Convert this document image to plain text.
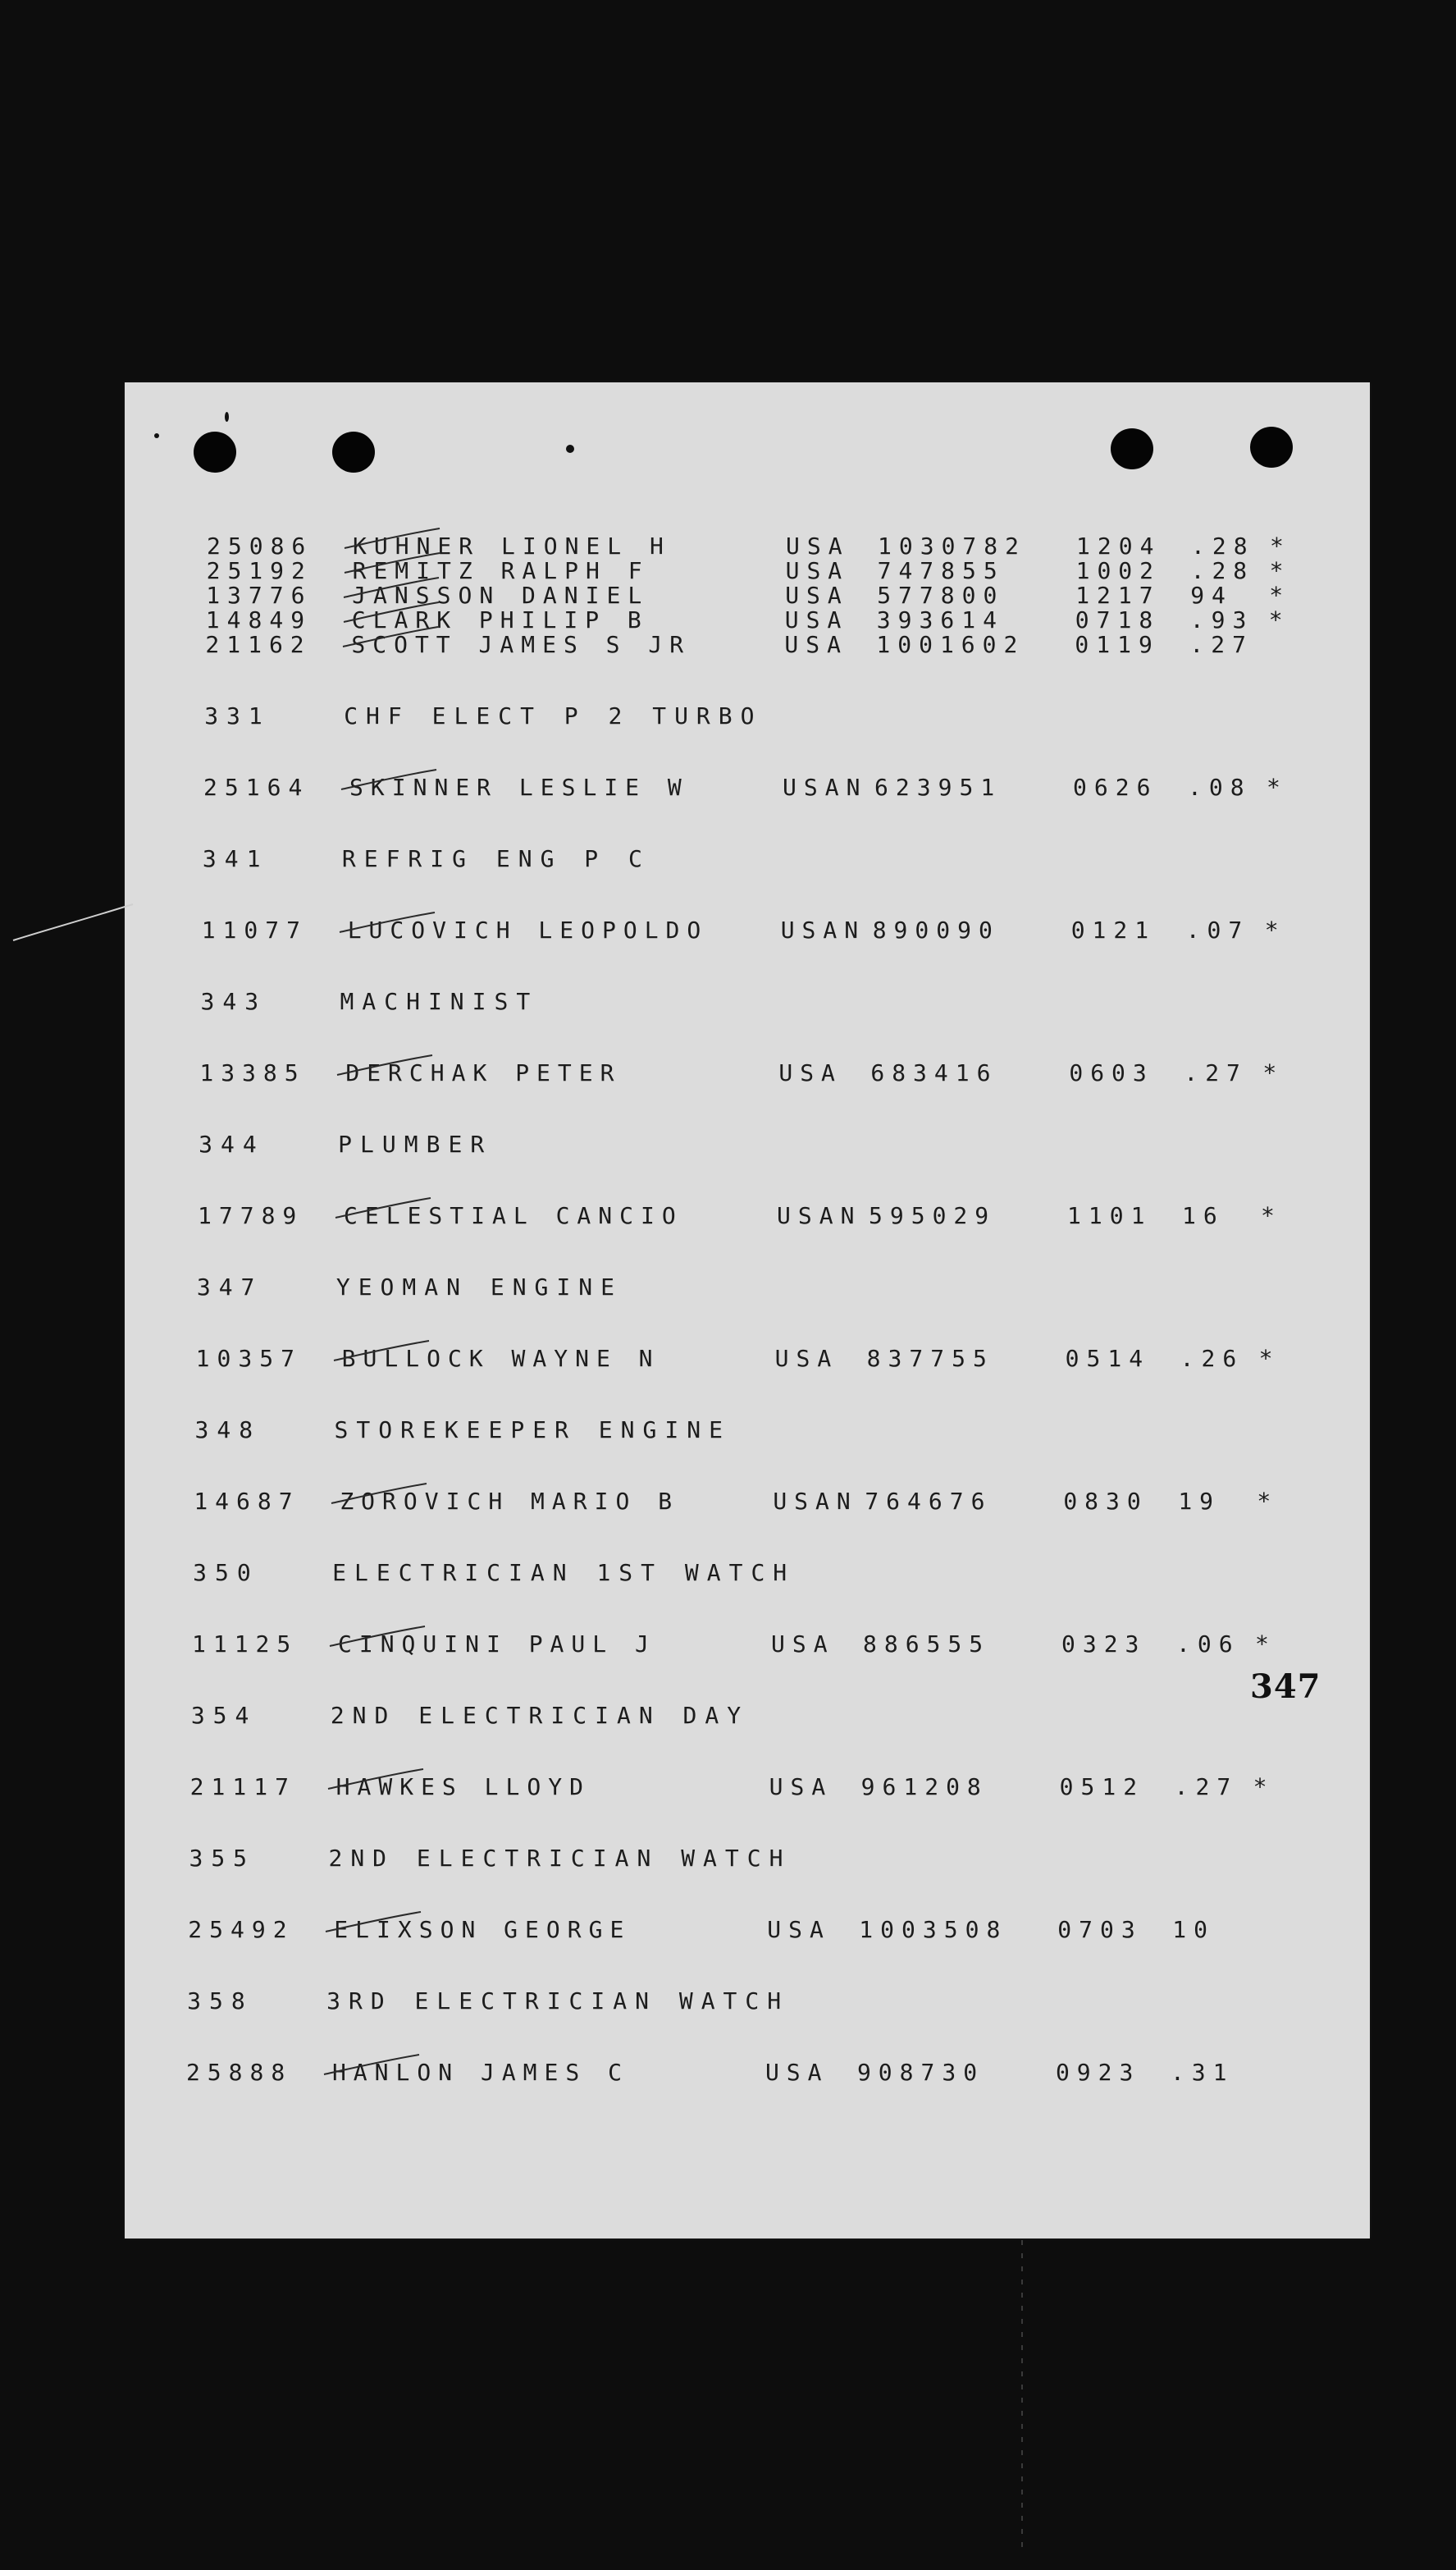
25086 KUHNER LIONEL H	USA 1030782 1204 .28 *
25192 REMITZ RALPH F	USA 747855	1002 .28 *
13776 JANSSON DANIEL	USA 577800	1217 94 *
14849 CLARK PHILIP B	USA 393614	0718 .93 *
21162 SCOTT JAMES S JR	USA 1001602 0119 .27
331	CHF ELECT P 2 TURBO
25164 SKINNER LESLIE W	USAN 623951	0626 .08 *
341	REFRIG ENG P C
11077 LUCOVICH LEOPOLDO	USAN 890090	0121 .07 *
343	MACHINIST
13385 DERCHAK PETER	USA 683416	0603 .27 *
344	PLUMBER
17789 CELESTIAL CANCIO	USAN 595029	1101 16 *
347	YEOMAN ENGINE
10357 BULLOCK WAYNE N	USA 837755	0514 .26 *
348	STOREKEEPER ENGINE
14687 ZOROVICH MARIO B	USAN 764676	0830 19 *
350	ELECTRICIAN 1ST WATCH
11125 CINQUINI PAUL J	USA 886555	0323 .06 *
354	2ND ELECTRICIAN DAY
21117 HAWKES LLOYD	USA 961208	0512 .27 *
355	2ND ELECTRICIAN WATCH
25492 ELIXSON GEORGE	USA 1003508 0703 10
358	3RD ELECTRICIAN WATCH
25888 HANLON JAMES C	USA 908730	0923 .31
347
